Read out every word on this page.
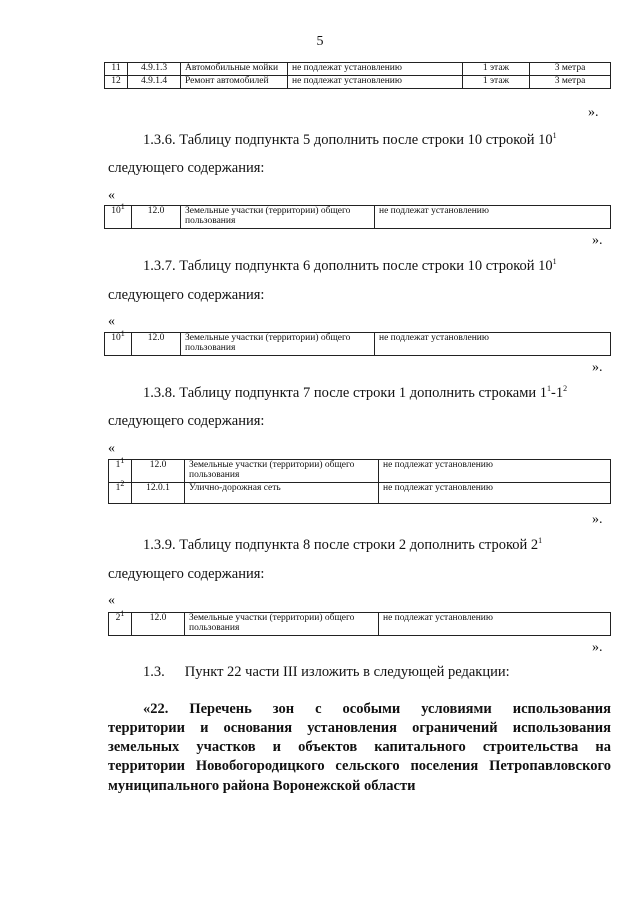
5
11	4.9.1.3	Автомобильные мойки	не подлежат установлению	1 этаж	3 метра
12	4.9.1.4	Ремонт автомобилей	не подлежат установлению	1 этаж	3 метра
».
1.3.6. Таблицу подпункта 5 дополнить после строки 10 строкой $10^1$
следующего содержания:
«
$10^1$	12.0	Земельные участки (территории) общего пользования	не подлежат установлению
».
1.3.7. Таблицу подпункта 6 дополнить после строки 10 строкой $10^1$
следующего содержания:
«
$10^1$	12.0	Земельные участки (территории) общего пользования	не подлежат установлению
».
1.3.8. Таблицу подпункта 7 после строки 1 дополнить строками $1^1-1^2$
следующего содержания:
«
$1^1$	12.0	Земельные участки (территории) общего пользования	не подлежат установлению
$1^2$	12.0.1	Улично-дорожная сеть	не подлежат установлению
».
1.3.9. Таблицу подпункта 8 после строки 2 дополнить строкой $2^1$
следующего содержания:
«
$2^1$	12.0	Земельные участки (территории) общего пользования	не подлежат установлению
».
1.3. Пункт 22 части III изложить в следующей редакции:
«22. Перечень зон с особыми условиями использования
территории и основания установления ограничений использования
земельных участков и объектов капитального строительства на
территории Новобогородицкого сельского поселения Петропавловского
муниципального района Воронежской области
